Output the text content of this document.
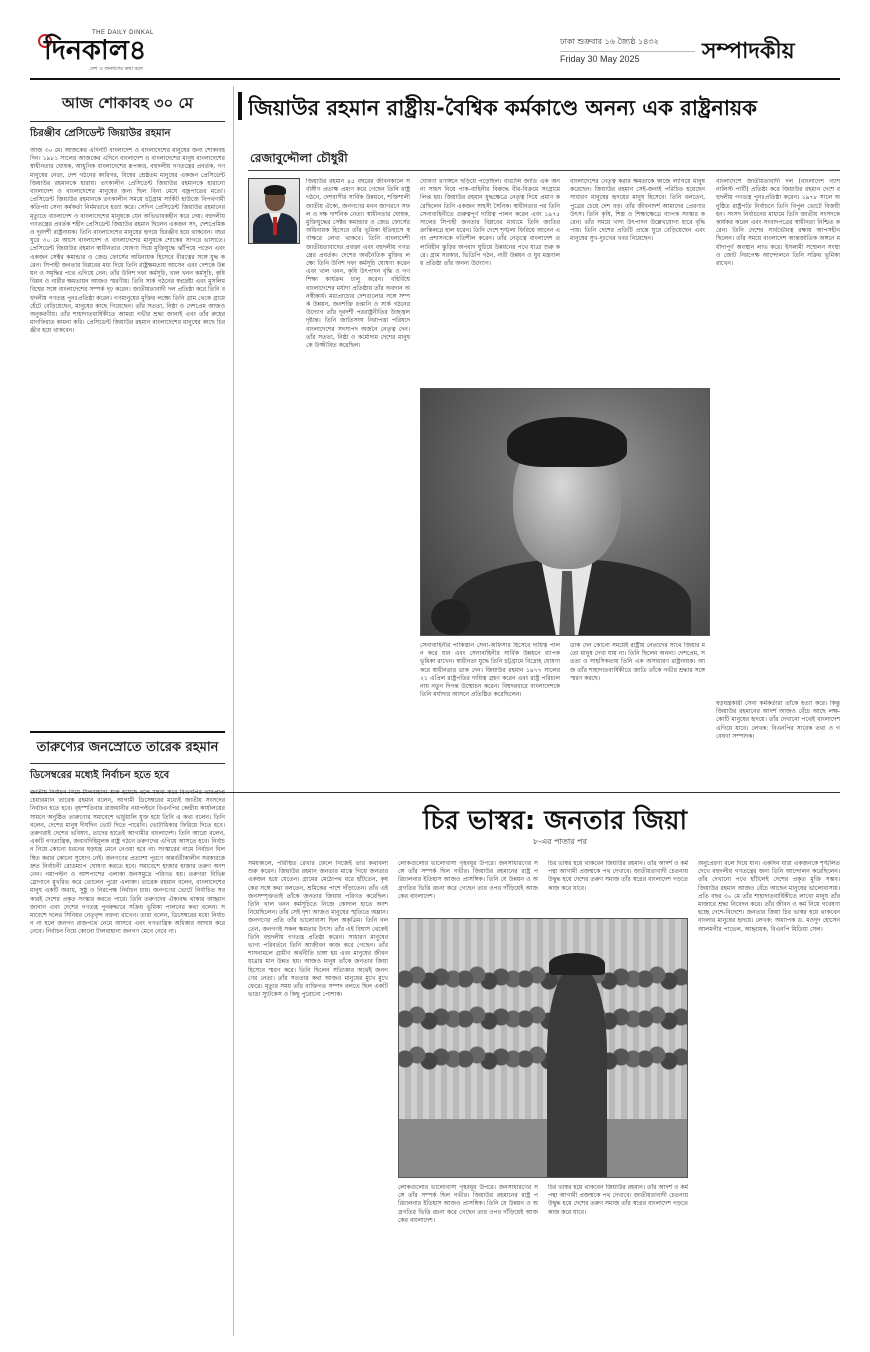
THE DAILY DINKAL
দিনকাল৪
দেশ ও জনগণের কথা বলে
ঢাকা শুক্রবার ১৬ জ্যৈষ্ঠ ১৪৩২
Friday 30 May 2025	সম্পাদকীয়
আজ শোকাবহ ৩০ মে
চিরঞ্জীব প্রেসিডেন্ট জিয়াউর রহমান
আজ ৩০ মে। আজকের এদিনটি বাংলাদেশ ও বাংলাদেশের মানুষের জন্য শোকাবহ দিন। ১৯৮১ সালের আজকের এদিনে বাংলাদেশ ও বাংলাদেশের মানুষ বাংলাদেশের স্বাধীনতার ঘোষক, আধুনিক বাংলাদেশের রূপকার, বহুদলীয় গণতন্ত্রের প্রবর্তক, গণমানুষের নেতা, দেশ গঠনের কারিগর, বিশ্বের শ্রেষ্ঠতম মানুষের একজন প্রেসিডেন্ট জিয়াউর রহমানকে হারায়। তৎকালীন প্রেসিডেন্ট জিয়াউর রহমানকে হারানো বাংলাদেশ ও বাংলাদেশের মানুষের জন্য ছিল বিনা মেঘে বজ্রপাতের মতো। প্রেসিডেন্ট জিয়াউর রহমানকে তৎকালীন সময়ে চট্টগ্রাম সার্কিট হাউজে বিপথগামী কতিপয় সেনা কর্মকর্তা নির্মমভাবে হত্যা করে। সেদিন প্রেসিডেন্ট জিয়াউর রহমানের মৃত্যুতে বাংলাদেশ ও বাংলাদেশের মানুষকে যেন অভিভাবকহীন করে দেয়। বহুদলীয় গণতন্ত্রের প্রবর্তক শহীদ প্রেসিডেন্ট জিয়াউর রহমান ছিলেন একজন সৎ, দেশপ্রেমিক ও দূরদর্শী রাষ্ট্রনায়ক। তিনি বাংলাদেশের মানুষের হৃদয়ে চিরঞ্জীব হয়ে থাকবেন। বছর ঘুরে ৩০ মে আসে বাংলাদেশ ও বাংলাদেশের মানুষকে শোকের সাগরে ভাসাতে। প্রেসিডেন্ট জিয়াউর রহমান স্বাধীনতার ঘোষণা দিয়ে মুক্তিযুদ্ধে ঝাঁপিয়ে পড়েন এবং একজন সেক্টর কমান্ডার ও জেড ফোর্সের অধিনায়ক হিসেবে বীরত্বের সঙ্গে যুদ্ধ করেন। সিপাহী জনতার বিপ্লবের মধ্য দিয়ে তিনি রাষ্ট্রক্ষমতায় আসেন এবং দেশকে উন্নয়ন ও সমৃদ্ধির পথে এগিয়ে নেন। তাঁর উনিশ দফা কর্মসূচি, খাল খনন কর্মসূচি, কৃষি বিপ্লব ও নারীর ক্ষমতায়ন আজও স্মরণীয়। তিনি সার্ক গঠনের স্বপ্নদ্রষ্টা এবং মুসলিম বিশ্বের সঙ্গে বাংলাদেশের সম্পর্ক দৃঢ় করেন। জাতীয়তাবাদী দল প্রতিষ্ঠা করে তিনি বহুদলীয় গণতন্ত্র পুনঃপ্রতিষ্ঠা করেন। গণমানুষের মুক্তির লক্ষ্যে তিনি গ্রাম থেকে গ্রামে হেঁটে বেড়িয়েছেন, মানুষের কাছে গিয়েছেন। তাঁর সততা, নিষ্ঠা ও দেশপ্রেম আজও অনুকরণীয়। তাঁর শাহাদাতবার্ষিকীতে আমরা গভীর শ্রদ্ধা জানাই এবং তাঁর রুহের মাগফিরাত কামনা করি। প্রেসিডেন্ট জিয়াউর রহমান বাংলাদেশের মানুষের কাছে চিরঞ্জীব হয়ে থাকবেন।
তারুণ্যের জনস্রোতে তারেক রহমান
ডিসেম্বরের মধ্যেই নির্বাচন হতে হবে
চেয়ারম্যান তারেক রহমান বলেন, আগামী ডিসেম্বরের মধ্যেই জাতীয় সংসদের নির্বাচন হতে হবে। বৃহস্পতিবার রাজধানীর নয়াপল্টনে বিএনপির কেন্দ্রীয় কার্যালয়ের সামনে অনুষ্ঠিত তারুণ্যের সমাবেশে ভার্চুয়ালি যুক্ত হয়ে তিনি এ কথা বলেন। তিনি বলেন, দেশের মানুষ দীর্ঘদিন ভোট দিতে পারেনি। ভোটাধিকার ফিরিয়ে দিতে হবে। তরুণরাই দেশের ভবিষ্যৎ, তাদের হাতেই আগামীর বাংলাদেশ। তিনি আরো বলেন, একটি গণতান্ত্রিক, জবাবদিহিমূলক রাষ্ট্র গঠনে তরুণদের এগিয়ে আসতে হবে। নির্বাচন নিয়ে কোনো ধরনের ষড়যন্ত্র মেনে নেওয়া হবে না। সংস্কারের নামে নির্বাচন বিলম্বিত করার কোনো সুযোগ নেই। জনগণের প্রত্যাশা পূরণে অন্তর্বর্তীকালীন সরকারকে দ্রুত নির্বাচনী রোডম্যাপ ঘোষণা করতে হবে। সমাবেশে হাজার হাজার তরুণ অংশ নেন। নয়াপল্টন ও আশপাশের এলাকা জনসমুদ্রে পরিণত হয়। তরুণরা বিভিন্ন স্লোগানে মুখরিত করে তোলেন পুরো এলাকা। তারেক রহমান বলেন, বাংলাদেশের মানুষ একটি অবাধ, সুষ্ঠু ও নিরপেক্ষ নির্বাচন চায়। জনগণের ভোটে নির্বাচিত সরকারই দেশের প্রকৃত সংস্কার করতে পারে। তিনি তরুণদের ঐক্যবদ্ধ থাকার আহ্বান জানান এবং দেশের গণতন্ত্র পুনরুদ্ধারে সক্রিয় ভূমিকা পালনের কথা বলেন। সমাবেশে দলের সিনিয়র নেতৃবৃন্দ বক্তব্য রাখেন। তারা বলেন, ডিসেম্বরের মধ্যে নির্বাচন না হলে জনগণ রাজপথে নেমে আসবে এবং গণতান্ত্রিক অধিকার আদায় করে নেবে। নির্বাচন নিয়ে কোনো টালবাহানা জনগণ মেনে নেবে না।
জিয়াউর রহমান রাষ্ট্রীয়-বৈশ্বিক কর্মকাণ্ডে অনন্য এক রাষ্ট্রনায়ক
রেজাবুদ্দৌলা চৌধুরী
জিয়াউর রহমান ৪৫ বছরের জীবনকালে সর্বাঙ্গীণ প্রত্যক্ষ প্রমাণ করে গেছেন তিনি রাষ্ট্র গঠনে, দেশবাসীর সার্বিক উন্নয়নে, শক্তিশালী জাতীয় ঐক্যে, জনগণের মনন জাগরণে সফল ও দক্ষ দার্শনিক নেতা। স্বাধীনতার ঘোষক, মুক্তিযুদ্ধের সেক্টর কমান্ডার ও জেড ফোর্সের অধিনায়ক হিসেবে তাঁর ভূমিকা ইতিহাসে স্বর্ণাক্ষরে লেখা থাকবে। তিনি বাংলাদেশী জাতীয়তাবাদের প্রবক্তা এবং বহুদলীয় গণতন্ত্রের প্রবর্তক। দেশের অর্থনৈতিক মুক্তির লক্ষ্যে তিনি উনিশ দফা কর্মসূচি ঘোষণা করেন এবং খাল খনন, কৃষি উৎপাদন বৃদ্ধি ও গণশিক্ষা কার্যক্রম চালু করেন। বহির্বিশ্বে বাংলাদেশের মর্যাদা প্রতিষ্ঠায় তাঁর অবদান অনস্বীকার্য। মধ্যপ্রাচ্যের দেশগুলোর সঙ্গে সম্পর্ক উন্নয়ন, জনশক্তি রপ্তানি ও সার্ক গঠনের উদ্যোগ তাঁর দূরদর্শী পররাষ্ট্রনীতির উজ্জ্বল দৃষ্টান্ত। তিনি জাতিসংঘ নিরাপত্তা পরিষদে বাংলাদেশের সদস্যপদ অর্জনে নেতৃত্ব দেন। তাঁর সততা, নিষ্ঠা ও কর্মোদ্যম দেশের মানুষকে উজ্জীবিত করেছিল।
ঘোষণা রণাঙ্গনে ছড়িয়ে পড়েছিল। বাঙালি জাতি এক অনন্য সাহস নিয়ে পাক-বাহিনীর বিরুদ্ধে বীর-বিক্রমে সংগ্রামে লিপ্ত হয়। জিয়াউর রহমান যুদ্ধক্ষেত্রে নেতৃত্ব দিয়ে প্রমাণ করেছিলেন তিনি একজন সাহসী সৈনিক। স্বাধীনতার পর তিনি সেনাবাহিনীতে গুরুত্বপূর্ণ দায়িত্ব পালন করেন এবং ১৯৭৫ সালের সিপাহী জনতার বিপ্লবের মাধ্যমে তিনি জাতির ক্রান্তিলগ্নে হাল ধরেন। তিনি দেশে শৃঙ্খলা ফিরিয়ে আনেন এবং প্রশাসনকে গতিশীল করেন। তাঁর নেতৃত্বে বাংলাদেশ তলাবিহীন ঝুড়ির অপবাদ ঘুচিয়ে উন্নয়নের পথে যাত্রা শুরু করে। গ্রাম সরকার, ভিডিপি গঠন, নারী উন্নয়ন ও যুব মন্ত্রণালয় প্রতিষ্ঠা তাঁর অনন্য উদ্যোগ।
বাংলাদেশের নেতৃত্ব করার ক্ষমতাকে কাজে লাগিয়ে মানুষ করেছেন। জিয়াউর রহমান সেই-জন্যই পরিচিত হয়েছেন সাধারণ মানুষের হৃদয়ের মানুষ হিসেবে। তিনি বলতেন, পুত্রের চেয়ে দেশ বড়। তাঁর জীবনাদর্শ আমাদের প্রেরণার উৎস। তিনি কৃষি, শিল্প ও শিক্ষাক্ষেত্রে ব্যাপক সংস্কার করেন। তাঁর সময়ে খাদ্য উৎপাদন উল্লেখযোগ্য হারে বৃদ্ধি পায়। তিনি দেশের প্রতিটি প্রান্তে ঘুরে বেড়িয়েছেন এবং মানুষের সুখ-দুঃখের খবর নিয়েছেন।
বাংলাদেশে জাতীয়তাবাদী দল (বাংলাদেশ ন্যাশনালিস্ট পার্টি) প্রতিষ্ঠা করে জিয়াউর রহমান দেশে বহুদলীয় গণতন্ত্র পুনঃপ্রতিষ্ঠা করেন। ১৯৭৮ সালে অনুষ্ঠিত রাষ্ট্রপতি নির্বাচনে তিনি বিপুল ভোটে বিজয়ী হন। সংসদ নির্বাচনের মাধ্যমে তিনি জাতীয় সংসদকে কার্যকর করেন এবং সংবাদপত্রের স্বাধীনতা নিশ্চিত করেন। তিনি দেশের সার্বভৌমত্ব রক্ষায় আপসহীন ছিলেন। তাঁর সময়ে বাংলাদেশ আন্তর্জাতিক অঙ্গনে মর্যাদাপূর্ণ অবস্থান লাভ করে। ইসলামী সম্মেলন সংস্থা ও জোট নিরপেক্ষ আন্দোলনে তিনি সক্রিয় ভূমিকা রাখেন।
সেনাবাহিনীর পাকিস্তান সেনা-অফিসার হিসেবে দায়িত্ব পালন করে যান এবং সেনাবাহিনীর সার্বিক উন্নয়নে ব্যাপক ভূমিকা রাখেন। স্বাধীনতা যুদ্ধে তিনি চট্টগ্রামে বিদ্রোহ ঘোষণা করে স্বাধীনতার ডাক দেন। জিয়াউর রহমান ১৯৭৭ সালের ২১ এপ্রিল রাষ্ট্রপতির দায়িত্ব গ্রহণ করেন এবং রাষ্ট্র পরিচালনায় নতুন দিগন্ত উন্মোচন করেন। বিশ্বদরবারে বাংলাদেশকে তিনি মর্যাদার আসনে প্রতিষ্ঠিত করেছিলেন।
ডাক দেন কোনো সময়েই রাষ্ট্রীয় নেতাদের সাথে জিয়ার মতো মানুষ দেখা যায় না। তিনি ছিলেন অনন্য। দেশপ্রেম, সততা ও সাহসিকতায় তিনি এক অসাধারণ রাষ্ট্রনায়ক। আজ তাঁর শাহাদাতবার্ষিকীতে জাতি তাঁকে গভীর শ্রদ্ধার সঙ্গে স্মরণ করছে।
ষড়যন্ত্রকারী সেনা কর্মকর্তারা তাঁকে হত্যা করে। কিন্তু জিয়াউর রহমানের আদর্শ আজও বেঁচে আছে লক্ষ-কোটি মানুষের হৃদয়ে। তাঁর দেখানো পথেই বাংলাদেশ এগিয়ে যাবে। লেখক: বিএনপির সাবেক তথ্য ও গবেষণা সম্পাদক।
চির ভাস্বর: জনতার জিয়া
৮-এর পাতার পর
সময়কালে, পরিস্থিত রেখার ফেলে নিজেই তার কথাবলা শুরু করেন। জিয়াউর রহমান জনতার মাঝে গিয়ে জনতার একজন হয়ে যেতেন। গ্রামের মেঠোপথ ধরে হাঁটতেন, কৃষকের সঙ্গে কথা বলতেন, শ্রমিকের পাশে দাঁড়াতেন। তাঁর এই জনসম্পৃক্ততাই তাঁকে জনতার জিয়ায় পরিণত করেছিল। তিনি খাল খনন কর্মসূচিতে নিজে কোদাল হাতে অংশ নিয়েছিলেন। তাঁর সেই দৃশ্য আজও মানুষের স্মৃতিতে অম্লান। জনগণের প্রতি তাঁর ভালোবাসা ছিল অকৃত্রিম। তিনি বলতেন, জনগণই সকল ক্ষমতার উৎস। তাঁর এই বিশ্বাস থেকেই তিনি বহুদলীয় গণতন্ত্র প্রতিষ্ঠা করেন। সাধারণ মানুষের ভাগ্য পরিবর্তনে তিনি আজীবন কাজ করে গেছেন। তাঁর শাসনামলে গ্রামীণ অর্থনীতি চাঙ্গা হয় এবং মানুষের জীবনযাত্রার মান উন্নত হয়। আজও মানুষ তাঁকে জনতার জিয়া হিসেবে স্মরণ করে। তিনি ছিলেন সত্যিকার অর্থেই জনগণের নেতা। তাঁর সততার কথা আজও মানুষের মুখে মুখে ফেরে। মৃত্যুর সময় তাঁর ব্যক্তিগত সম্পদ বলতে ছিল একটি ভাঙা স্যুটকেস ও কিছু পুরোনো পোশাক।
লোকগুলোর ভালোবাসা গৃহবধূর উপরে। জনসাধারণের সঙ্গে তাঁর সম্পর্ক ছিল গভীর। জিয়াউর রহমানের রাষ্ট্র পরিচালনার ইতিহাস আজও প্রাসঙ্গিক। তিনি যে উন্নয়ন ও অগ্রগতির ভিত্তি রচনা করে গেছেন তার ওপর দাঁড়িয়েই আজকের বাংলাদেশ।
চির ভাস্বর হয়ে থাকবেন জিয়াউর রহমান। তাঁর আদর্শ ও কর্মপন্থা আগামী প্রজন্মকে পথ দেখাবে। জাতীয়তাবাদী চেতনায় উদ্বুদ্ধ হয়ে দেশের তরুণ সমাজ তাঁর স্বপ্নের বাংলাদেশ গড়তে কাজ করে যাবে।
অনুপ্রেরণা বলে দিয়ে যান। একদিন যারা একজনকে শৃঙ্খলিত দেখে বহুদলীয় গণতন্ত্রের জন্য তিনি আন্দোলন করেছিলেন। তাঁর দেখানো পথে হাঁটলেই দেশের প্রকৃত মুক্তি সম্ভব। জিয়াউর রহমান আজও বেঁচে আছেন মানুষের ভালোবাসায়। প্রতি বছর ৩০ মে তাঁর শাহাদাতবার্ষিকীতে লাখো মানুষ তাঁর মাজারে শ্রদ্ধা নিবেদন করে। তাঁর জীবন ও কর্ম নিয়ে গবেষণা হচ্ছে দেশে-বিদেশে। জনতার জিয়া চির ভাস্বর হয়ে থাকবেন বাংলার মানুষের হৃদয়ে। লেখক: অধ্যাপক ড. মওদুদ হোসেন আলমগীর পাভেল, আহ্বায়ক, বিএনপি মিডিয়া সেল।
লোকগুলোর ভালোবাসা গৃহবধূর উপরে। জনসাধারণের সঙ্গে তাঁর সম্পর্ক ছিল গভীর। জিয়াউর রহমানের রাষ্ট্র পরিচালনার ইতিহাস আজও প্রাসঙ্গিক। তিনি যে উন্নয়ন ও অগ্রগতির ভিত্তি রচনা করে গেছেন তার ওপর দাঁড়িয়েই আজকের বাংলাদেশ।
চির ভাস্বর হয়ে থাকবেন জিয়াউর রহমান। তাঁর আদর্শ ও কর্মপন্থা আগামী প্রজন্মকে পথ দেখাবে। জাতীয়তাবাদী চেতনায় উদ্বুদ্ধ হয়ে দেশের তরুণ সমাজ তাঁর স্বপ্নের বাংলাদেশ গড়তে কাজ করে যাবে।
